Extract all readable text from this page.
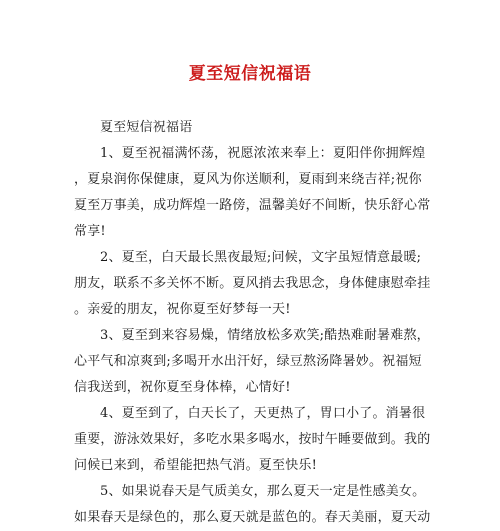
夏至短信祝福语
夏至短信祝福语
1、夏至祝福满怀荡，祝愿浓浓来奉上：夏阳伴你拥辉煌
，夏泉润你保健康，夏风为你送顺利，夏雨到来绕吉祥;祝你
夏至万事美，成功辉煌一路傍，温馨美好不间断，快乐舒心常
常享!
2、夏至，白天最长黑夜最短;问候，文字虽短情意最暖;
朋友，联系不多关怀不断。夏风捎去我思念，身体健康慰牵挂
。亲爱的朋友，祝你夏至好梦每一天!
3、夏至到来容易燥，情绪放松多欢笑;酷热难耐暑难熬，
心平气和凉爽到;多喝开水出汗好，绿豆熬汤降暑妙。祝福短
信我送到，祝你夏至身体棒，心情好!
4、夏至到了，白天长了，天更热了，胃口小了。消暑很
重要，游泳效果好，多吃水果多喝水，按时午睡要做到。我的
问候已来到，希望能把热气消。夏至快乐!
5、如果说春天是气质美女，那么夏天一定是性感美女。
如果春天是绿色的，那么夏天就是蓝色的。春天美丽，夏天动
